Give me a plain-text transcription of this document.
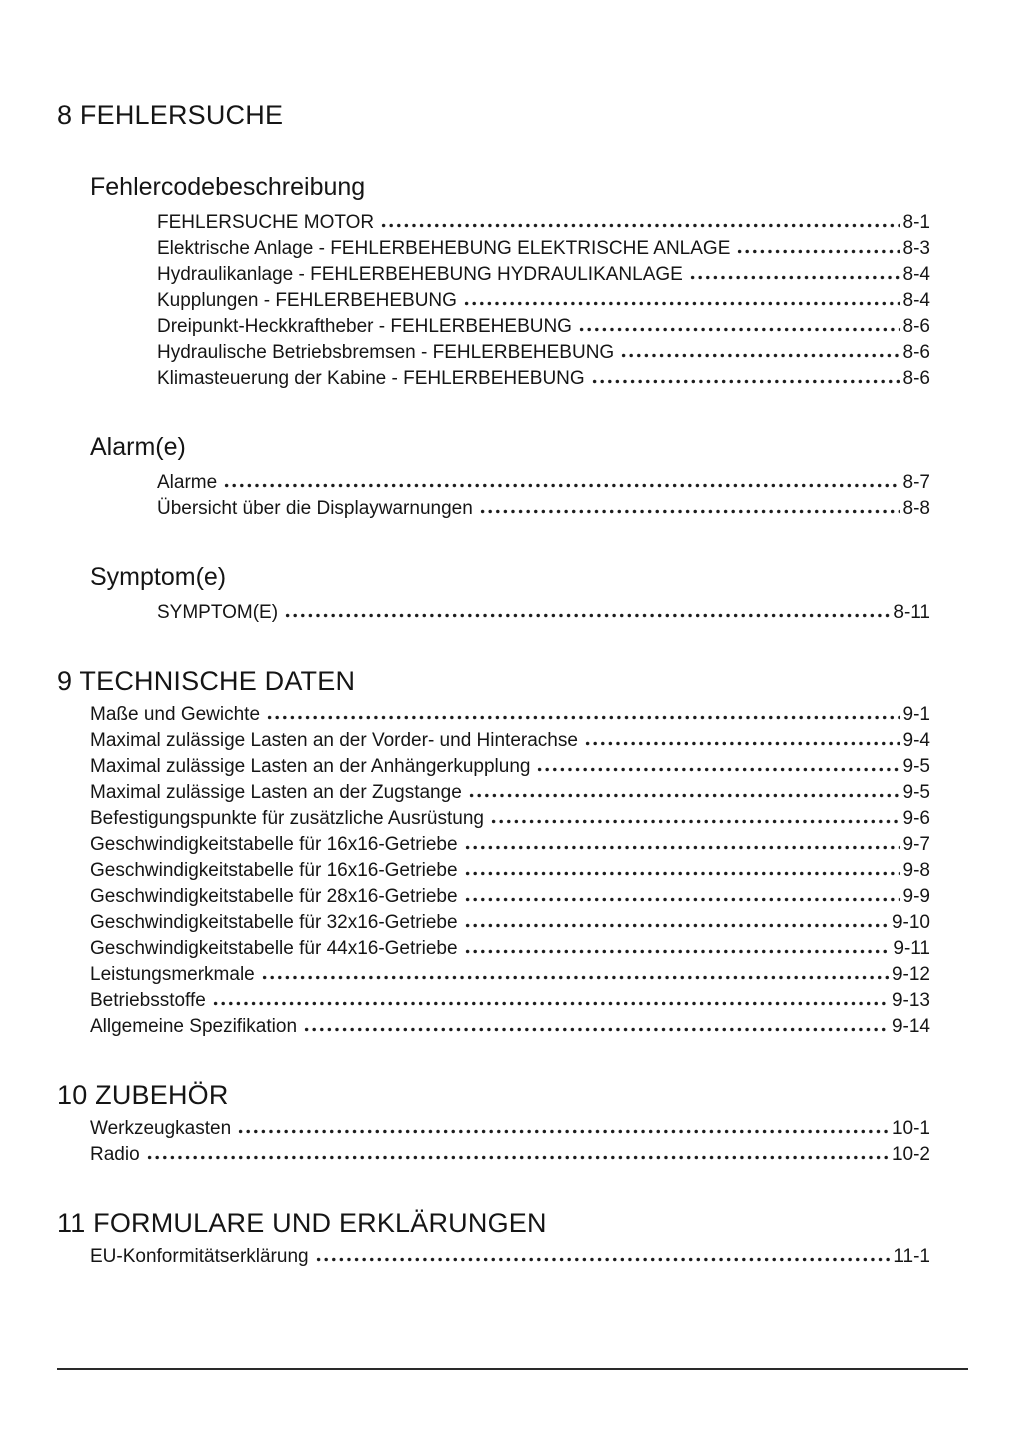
8 FEHLERSUCHE
Fehlercodebeschreibung
FEHLERSUCHE MOTOR	8-1
Elektrische Anlage - FEHLERBEHEBUNG ELEKTRISCHE ANLAGE	8-3
Hydraulikanlage - FEHLERBEHEBUNG HYDRAULIKANLAGE	8-4
Kupplungen - FEHLERBEHEBUNG	8-4
Dreipunkt-Heckkraftheber - FEHLERBEHEBUNG	8-6
Hydraulische Betriebsbremsen - FEHLERBEHEBUNG	8-6
Klimasteuerung der Kabine - FEHLERBEHEBUNG	8-6
Alarm(e)
Alarme	8-7
Übersicht über die Displaywarnungen	8-8
Symptom(e)
SYMPTOM(E)	8-11
9 TECHNISCHE DATEN
Maße und Gewichte	9-1
Maximal zulässige Lasten an der Vorder- und Hinterachse	9-4
Maximal zulässige Lasten an der Anhängerkupplung	9-5
Maximal zulässige Lasten an der Zugstange	9-5
Befestigungspunkte für zusätzliche Ausrüstung	9-6
Geschwindigkeitstabelle für 16x16-Getriebe	9-7
Geschwindigkeitstabelle für 16x16-Getriebe	9-8
Geschwindigkeitstabelle für 28x16-Getriebe	9-9
Geschwindigkeitstabelle für 32x16-Getriebe	9-10
Geschwindigkeitstabelle für 44x16-Getriebe	9-11
Leistungsmerkmale	9-12
Betriebsstoffe	9-13
Allgemeine Spezifikation	9-14
10 ZUBEHÖR
Werkzeugkasten	10-1
Radio	10-2
11 FORMULARE UND ERKLÄRUNGEN
EU-Konformitätserklärung	11-1
